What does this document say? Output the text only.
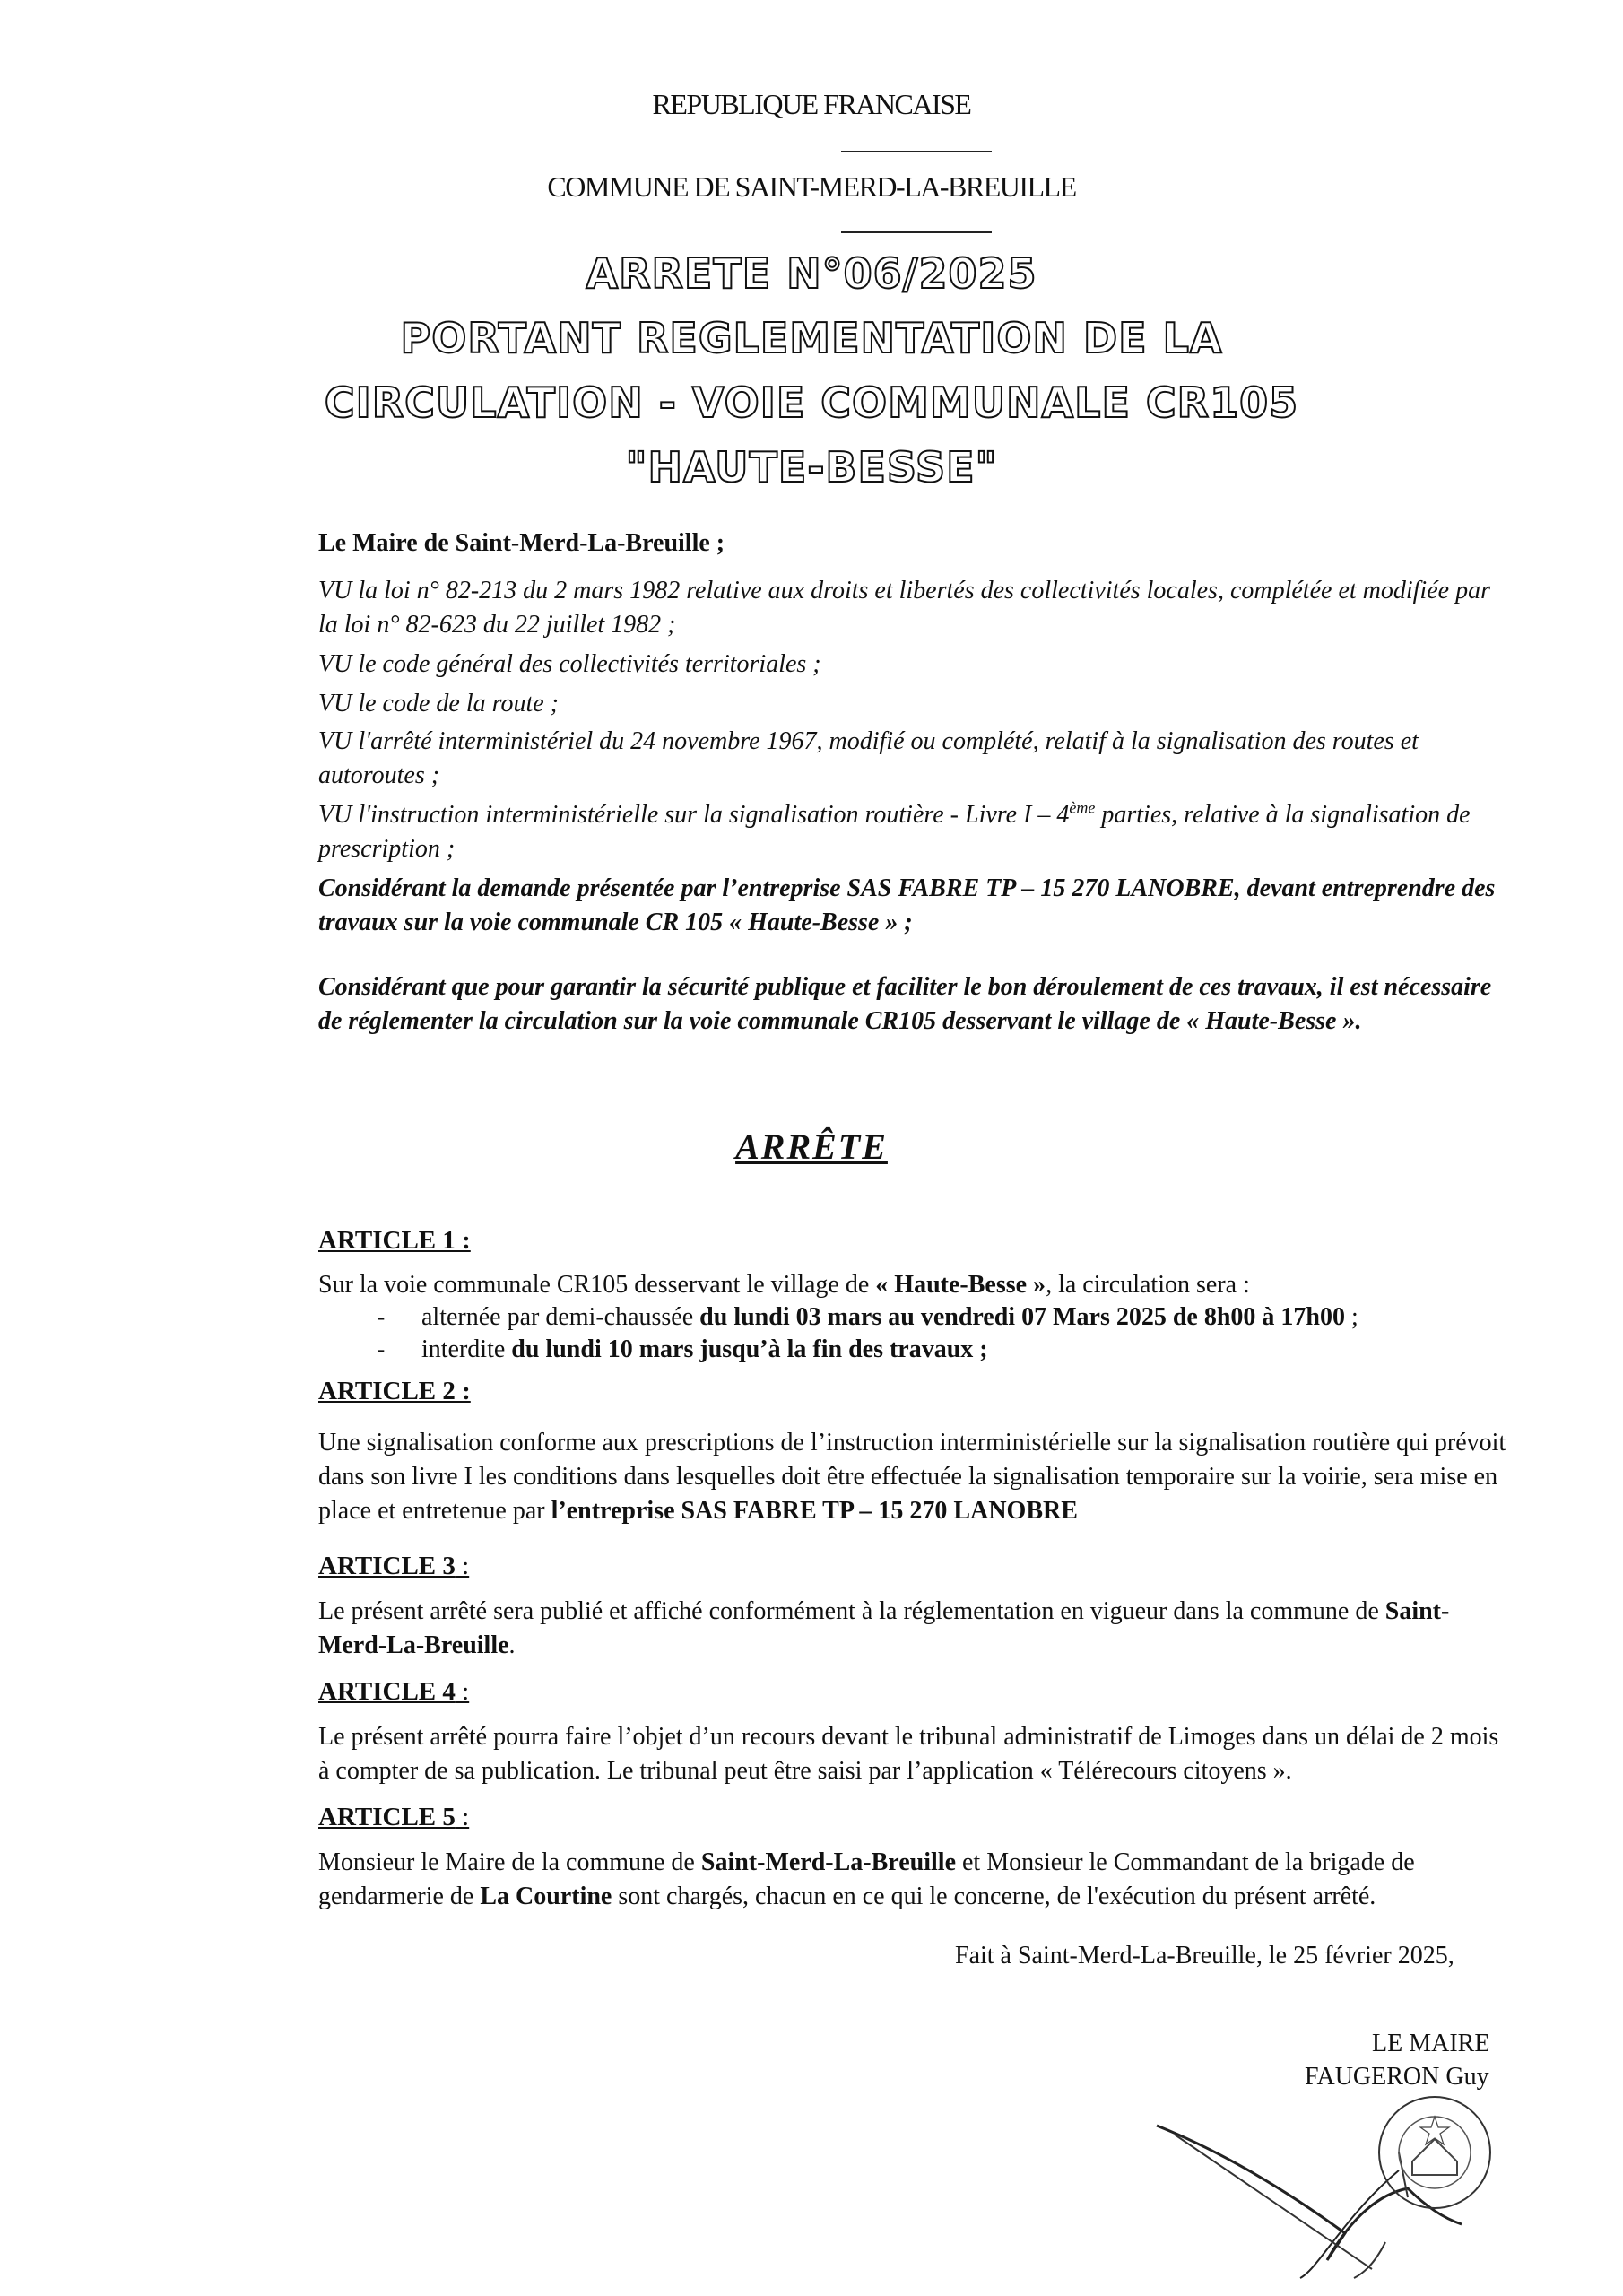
REPUBLIQUE FRANCAISE
COMMUNE DE SAINT-MERD-LA-BREUILLE
ARRETE N°06/2025
PORTANT REGLEMENTATION DE LA
CIRCULATION - VOIE COMMUNALE CR105
"HAUTE-BESSE"
Le Maire de Saint-Merd-La-Breuille ;
VU la loi n° 82-213 du 2 mars 1982 relative aux droits et libertés des collectivités locales, complétée et modifiée par la loi n° 82-623 du 22 juillet 1982 ;
VU le code général des collectivités territoriales ;
VU le code de la route ;
VU l'arrêté interministériel du 24 novembre 1967, modifié ou complété, relatif à la signalisation des routes et autoroutes ;
VU l'instruction interministérielle sur la signalisation routière - Livre I – 4ème parties, relative à la signalisation de prescription ;
Considérant la demande présentée par l’entreprise SAS FABRE TP – 15 270 LANOBRE, devant entreprendre des travaux sur la voie communale CR 105 « Haute-Besse » ;
Considérant que pour garantir la sécurité publique et faciliter le bon déroulement de ces travaux, il est nécessaire de réglementer la circulation sur la voie communale CR105 desservant le village de « Haute-Besse ».
ARRÊTE
ARTICLE 1 :
Sur la voie communale CR105 desservant le village de « Haute-Besse », la circulation sera :
- alternée par demi-chaussée du lundi 03 mars au vendredi 07 Mars 2025 de 8h00 à 17h00 ;
- interdite du lundi 10 mars jusqu’à la fin des travaux ;
ARTICLE 2 :
Une signalisation conforme aux prescriptions de l’instruction interministérielle sur la signalisation routière qui prévoit dans son livre I les conditions dans lesquelles doit être effectuée la signalisation temporaire sur la voirie, sera mise en place et entretenue par l’entreprise SAS FABRE TP – 15 270 LANOBRE
ARTICLE 3 :
Le présent arrêté sera publié et affiché conformément à la réglementation en vigueur dans la commune de Saint-Merd-La-Breuille.
ARTICLE 4 :
Le présent arrêté pourra faire l’objet d’un recours devant le tribunal administratif de Limoges dans un délai de 2 mois à compter de sa publication. Le tribunal peut être saisi par l’application « Télérecours citoyens ».
ARTICLE 5 :
Monsieur le Maire de la commune de Saint-Merd-La-Breuille et Monsieur le Commandant de la brigade de gendarmerie de La Courtine sont chargés, chacun en ce qui le concerne, de l'exécution du présent arrêté.
Fait à Saint-Merd-La-Breuille, le 25 février 2025,
LE MAIRE
FAUGERON Guy
